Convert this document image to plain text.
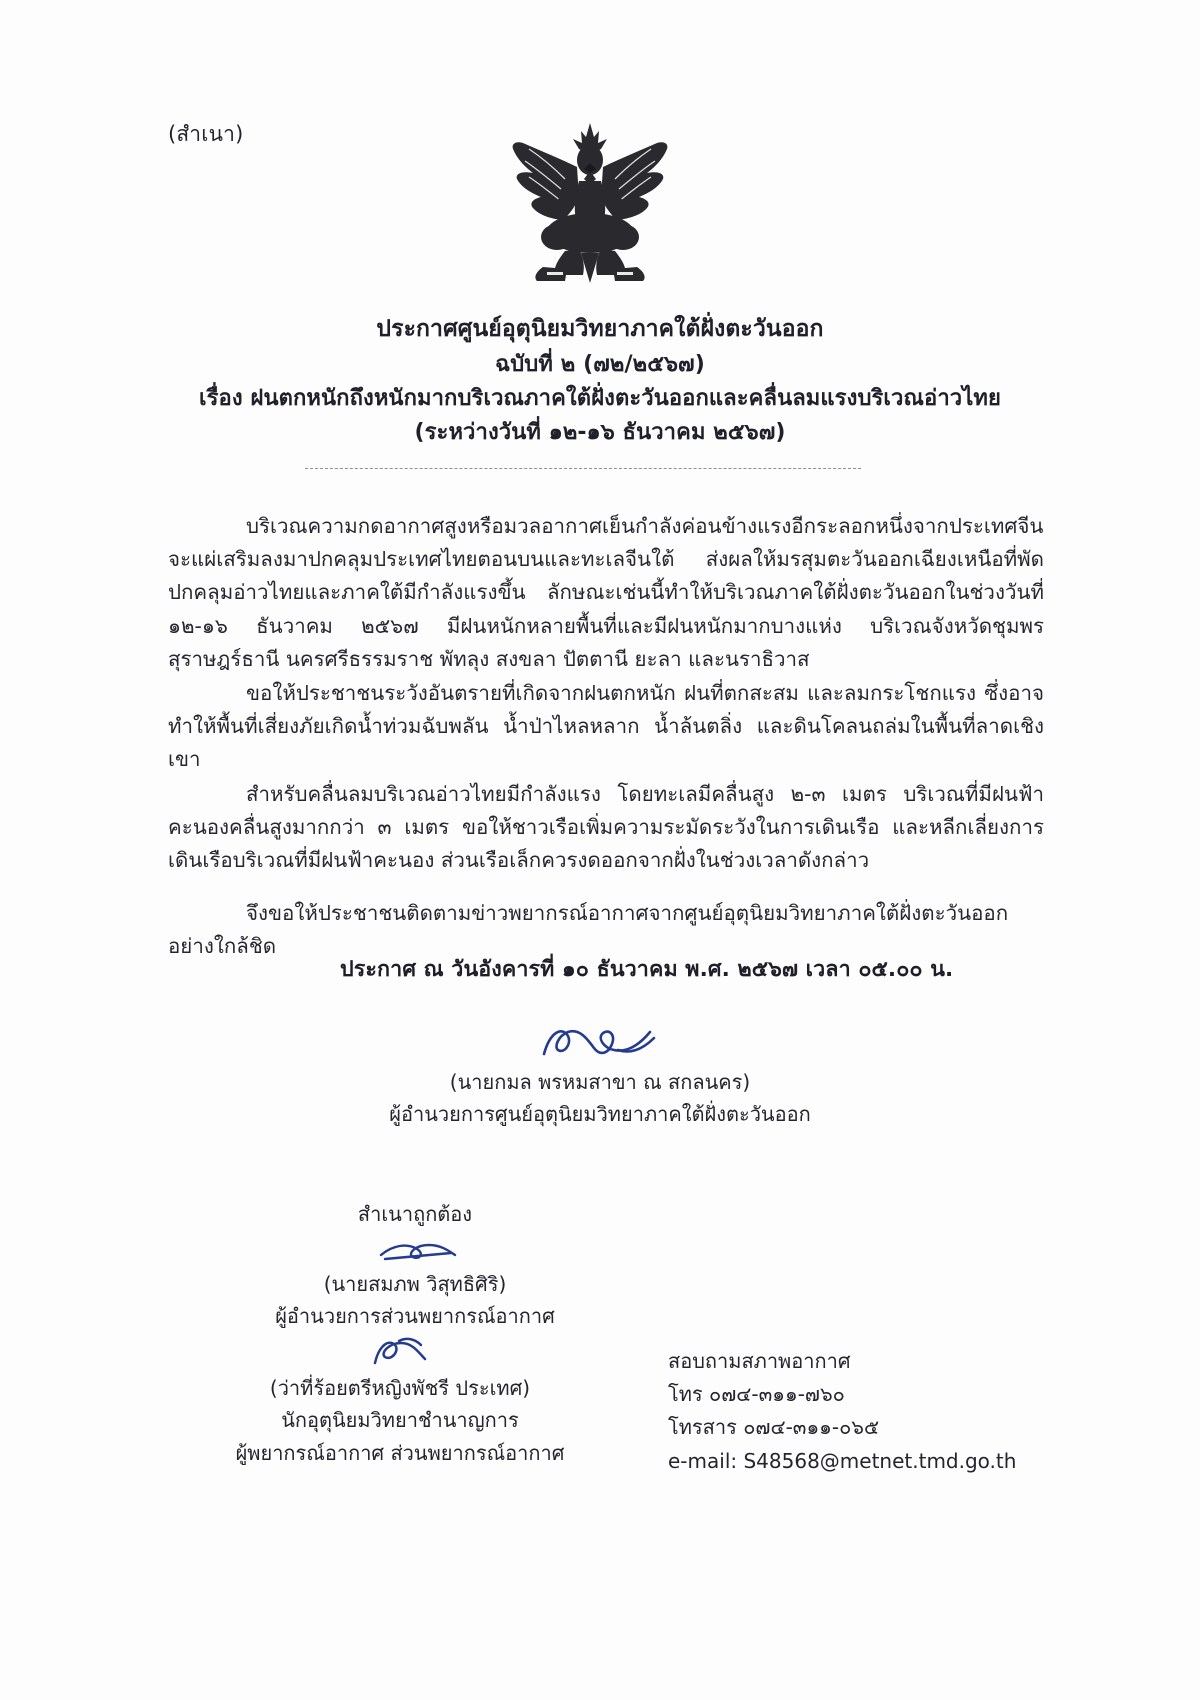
(สำเนา)
ประกาศศูนย์อุตุนิยมวิทยาภาคใต้ฝั่งตะวันออก
ฉบับที่ ๒ (๗๒/๒๕๖๗)
เรื่อง ฝนตกหนักถึงหนักมากบริเวณภาคใต้ฝั่งตะวันออกและคลื่นลมแรงบริเวณอ่าวไทย
(ระหว่างวันที่ ๑๒-๑๖ ธันวาคม ๒๕๖๗)

บริเวณความกดอากาศสูงหรือมวลอากาศเย็นกำลังค่อนข้างแรงอีกระลอกหนึ่งจากประเทศจีน จะแผ่เสริมลงมาปกคลุมประเทศไทยตอนบนและทะเลจีนใต้ ส่งผลให้มรสุมตะวันออกเฉียงเหนือที่พัดปกคลุมอ่าวไทยและภาคใต้มีกำลังแรงขึ้น ลักษณะเช่นนี้ทำให้บริเวณภาคใต้ฝั่งตะวันออกในช่วงวันที่ ๑๒-๑๖ ธันวาคม ๒๕๖๗ มีฝนหนักหลายพื้นที่และมีฝนหนักมากบางแห่ง บริเวณจังหวัดชุมพร สุราษฎร์ธานี นครศรีธรรมราช พัทลุง สงขลา ปัตตานี ยะลา และนราธิวาส

ขอให้ประชาชนระวังอันตรายที่เกิดจากฝนตกหนัก ฝนที่ตกสะสม และลมกระโชกแรง ซึ่งอาจทำให้พื้นที่เสี่ยงภัยเกิดน้ำท่วมฉับพลัน น้ำป่าไหลหลาก น้ำล้นตลิ่ง และดินโคลนถล่มในพื้นที่ลาดเชิงเขา

สำหรับคลื่นลมบริเวณอ่าวไทยมีกำลังแรง โดยทะเลมีคลื่นสูง ๒-๓ เมตร บริเวณที่มีฝนฟ้าคะนองคลื่นสูงมากกว่า ๓ เมตร ขอให้ชาวเรือเพิ่มความระมัดระวังในการเดินเรือ และหลีกเลี่ยงการเดินเรือบริเวณที่มีฝนฟ้าคะนอง ส่วนเรือเล็กควรงดออกจากฝั่งในช่วงเวลาดังกล่าว

จึงขอให้ประชาชนติดตามข่าวพยากรณ์อากาศจากศูนย์อุตุนิยมวิทยาภาคใต้ฝั่งตะวันออกอย่างใกล้ชิด

ประกาศ ณ วันอังคารที่ ๑๐ ธันวาคม พ.ศ. ๒๕๖๗ เวลา ๐๕.๐๐ น.
(นายกมล พรหมสาขา ณ สกลนคร)
ผู้อำนวยการศูนย์อุตุนิยมวิทยาภาคใต้ฝั่งตะวันออก
สำเนาถูกต้อง
(นายสมภพ วิสุทธิศิริ)
ผู้อำนวยการส่วนพยากรณ์อากาศ
(ว่าที่ร้อยตรีหญิงพัชรี ประเทศ)
นักอุตุนิยมวิทยาชำนาญการ
ผู้พยากรณ์อากาศ ส่วนพยากรณ์อากาศ
สอบถามสภาพอากาศ
โทร ๐๗๔-๓๑๑-๗๖๐
โทรสาร ๐๗๔-๓๑๑-๐๖๕
e-mail: S48568@metnet.tmd.go.th
